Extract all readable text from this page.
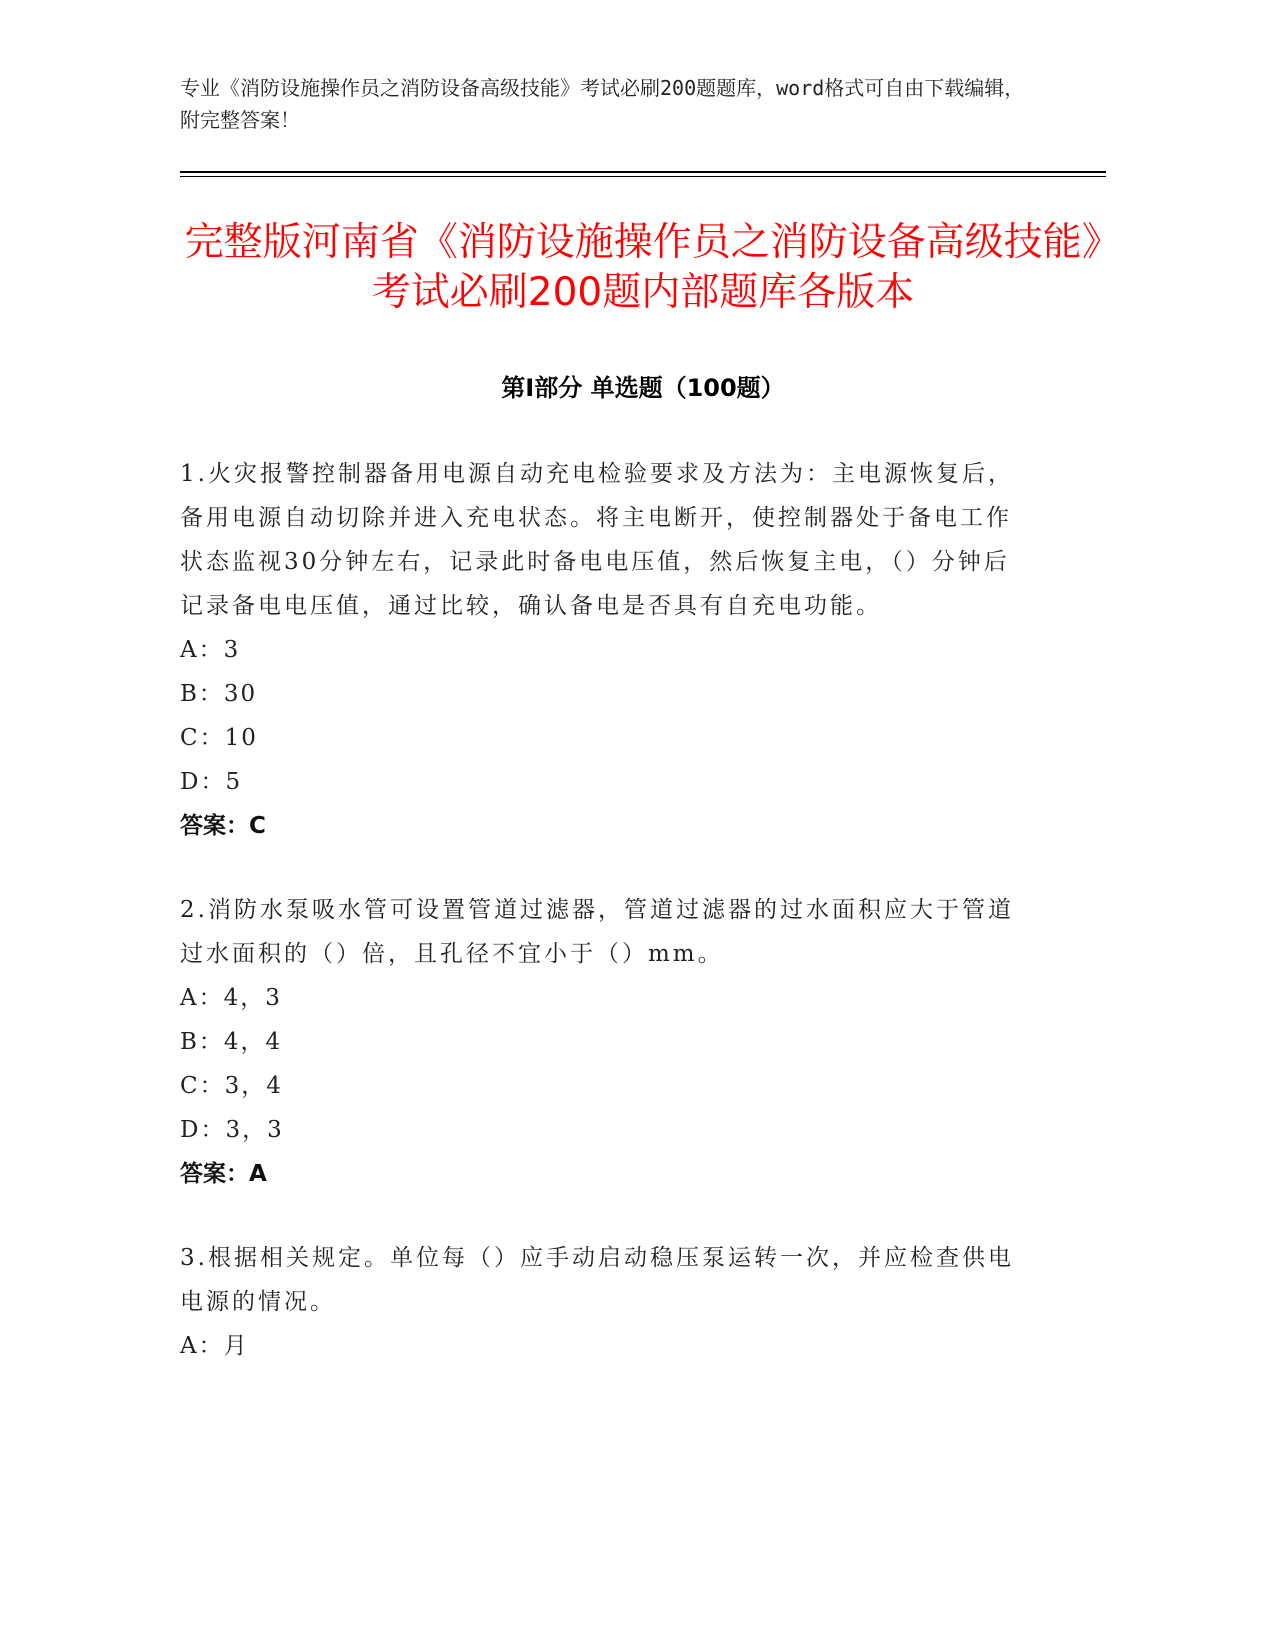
专业《消防设施操作员之消防设备高级技能》考试必刷200题题库，word格式可自由下载编辑，附完整答案！
完整版河南省《消防设施操作员之消防设备高级技能》考试必刷200题内部题库各版本
第Ⅰ部分 单选题（100题）
1.火灾报警控制器备用电源自动充电检验要求及方法为：主电源恢复后，备用电源自动切除并进入充电状态。将主电断开，使控制器处于备电工作状态监视30分钟左右，记录此时备电电压值，然后恢复主电，（）分钟后记录备电电压值，通过比较，确认备电是否具有自充电功能。
A：3
B：30
C：10
D：5
答案：C
2.消防水泵吸水管可设置管道过滤器，管道过滤器的过水面积应大于管道过水面积的（）倍，且孔径不宜小于（）mm。
A：4，3
B：4，4
C：3，4
D：3，3
答案：A
3.根据相关规定。单位每（）应手动启动稳压泵运转一次，并应检查供电电源的情况。
A：月
